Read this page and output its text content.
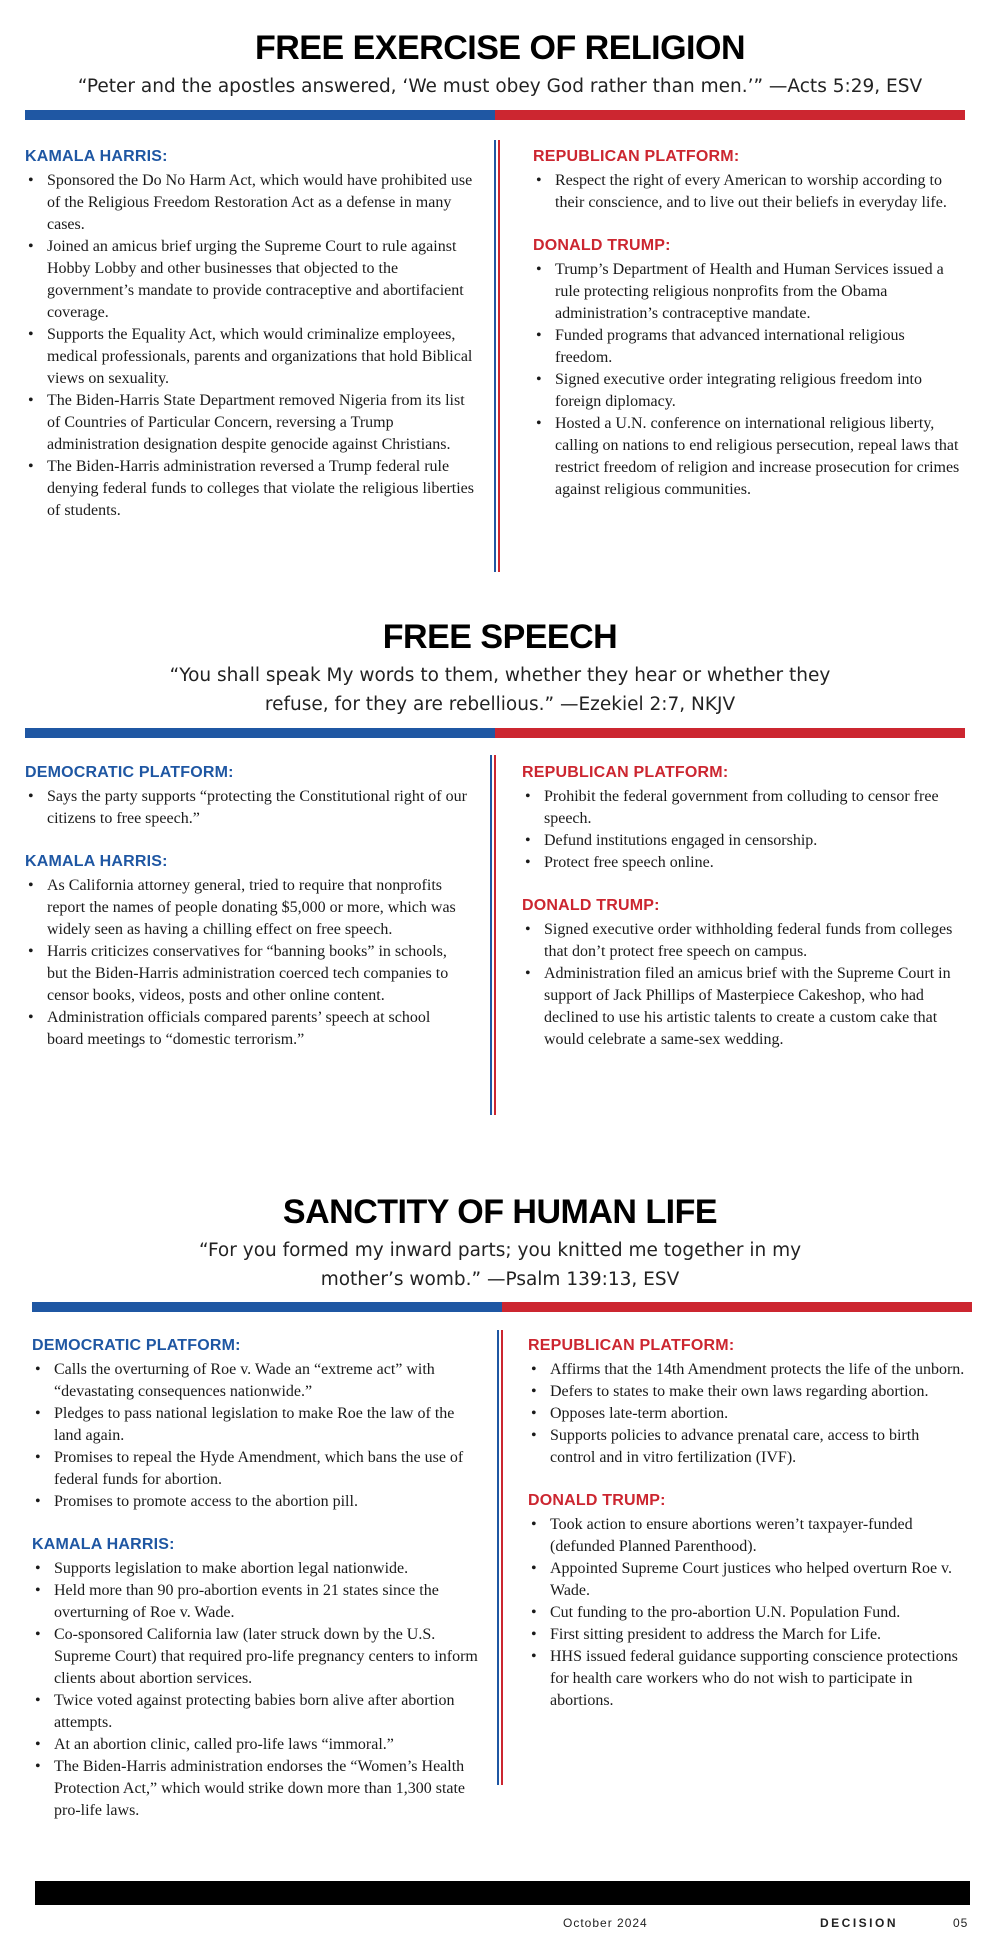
FREE EXERCISE OF RELIGION

“Peter and the apostles answered, ‘We must obey God rather than men.’” —Acts 5:29, ESV

KAMALA HARRIS:
• Sponsored the Do No Harm Act, which would have prohibited use of the Religious Freedom Restoration Act as a defense in many cases.
• Joined an amicus brief urging the Supreme Court to rule against Hobby Lobby and other businesses that objected to the government’s mandate to provide contraceptive and abortifacient coverage.
• Supports the Equality Act, which would criminalize employees, medical professionals, parents and organizations that hold Biblical views on sexuality.
• The Biden-Harris State Department removed Nigeria from its list of Countries of Particular Concern, reversing a Trump administration designation despite genocide against Christians.
• The Biden-Harris administration reversed a Trump federal rule denying federal funds to colleges that violate the religious liberties of students.
REPUBLICAN PLATFORM:
• Respect the right of every American to worship according to their conscience, and to live out their beliefs in everyday life.
DONALD TRUMP:
• Trump’s Department of Health and Human Services issued a rule protecting religious nonprofits from the Obama administration’s contraceptive mandate.
• Funded programs that advanced international religious freedom.
• Signed executive order integrating religious freedom into foreign diplomacy.
• Hosted a U.N. conference on international religious liberty, calling on nations to end religious persecution, repeal laws that restrict freedom of religion and increase prosecution for crimes against religious communities.
FREE SPEECH

“You shall speak My words to them, whether they hear or whether they refuse, for they are rebellious.” —Ezekiel 2:7, NKJV

DEMOCRATIC PLATFORM:
• Says the party supports “protecting the Constitutional right of our citizens to free speech.”
KAMALA HARRIS:
• As California attorney general, tried to require that nonprofits report the names of people donating $5,000 or more, which was widely seen as having a chilling effect on free speech.
• Harris criticizes conservatives for “banning books” in schools, but the Biden-Harris administration coerced tech companies to censor books, videos, posts and other online content.
• Administration officials compared parents’ speech at school board meetings to “domestic terrorism.”
REPUBLICAN PLATFORM:
• Prohibit the federal government from colluding to censor free speech.
• Defund institutions engaged in censorship.
• Protect free speech online.
DONALD TRUMP:
• Signed executive order withholding federal funds from colleges that don’t protect free speech on campus.
• Administration filed an amicus brief with the Supreme Court in support of Jack Phillips of Masterpiece Cakeshop, who had declined to use his artistic talents to create a custom cake that would celebrate a same-sex wedding.
SANCTITY OF HUMAN LIFE

“For you formed my inward parts; you knitted me together in my mother’s womb.” —Psalm 139:13, ESV

DEMOCRATIC PLATFORM:
• Calls the overturning of Roe v. Wade an “extreme act” with “devastating consequences nationwide.”
• Pledges to pass national legislation to make Roe the law of the land again.
• Promises to repeal the Hyde Amendment, which bans the use of federal funds for abortion.
• Promises to promote access to the abortion pill.
KAMALA HARRIS:
• Supports legislation to make abortion legal nationwide.
• Held more than 90 pro-abortion events in 21 states since the overturning of Roe v. Wade.
• Co-sponsored California law (later struck down by the U.S. Supreme Court) that required pro-life pregnancy centers to inform clients about abortion services.
• Twice voted against protecting babies born alive after abortion attempts.
• At an abortion clinic, called pro-life laws “immoral.”
• The Biden-Harris administration endorses the “Women’s Health Protection Act,” which would strike down more than 1,300 state pro-life laws.
REPUBLICAN PLATFORM:
• Affirms that the 14th Amendment protects the life of the unborn.
• Defers to states to make their own laws regarding abortion.
• Opposes late-term abortion.
• Supports policies to advance prenatal care, access to birth control and in vitro fertilization (IVF).
DONALD TRUMP:
• Took action to ensure abortions weren’t taxpayer-funded (defunded Planned Parenthood).
• Appointed Supreme Court justices who helped overturn Roe v. Wade.
• Cut funding to the pro-abortion U.N. Population Fund.
• First sitting president to address the March for Life.
• HHS issued federal guidance supporting conscience protections for health care workers who do not wish to participate in abortions.
October 2024	DECISION	05
